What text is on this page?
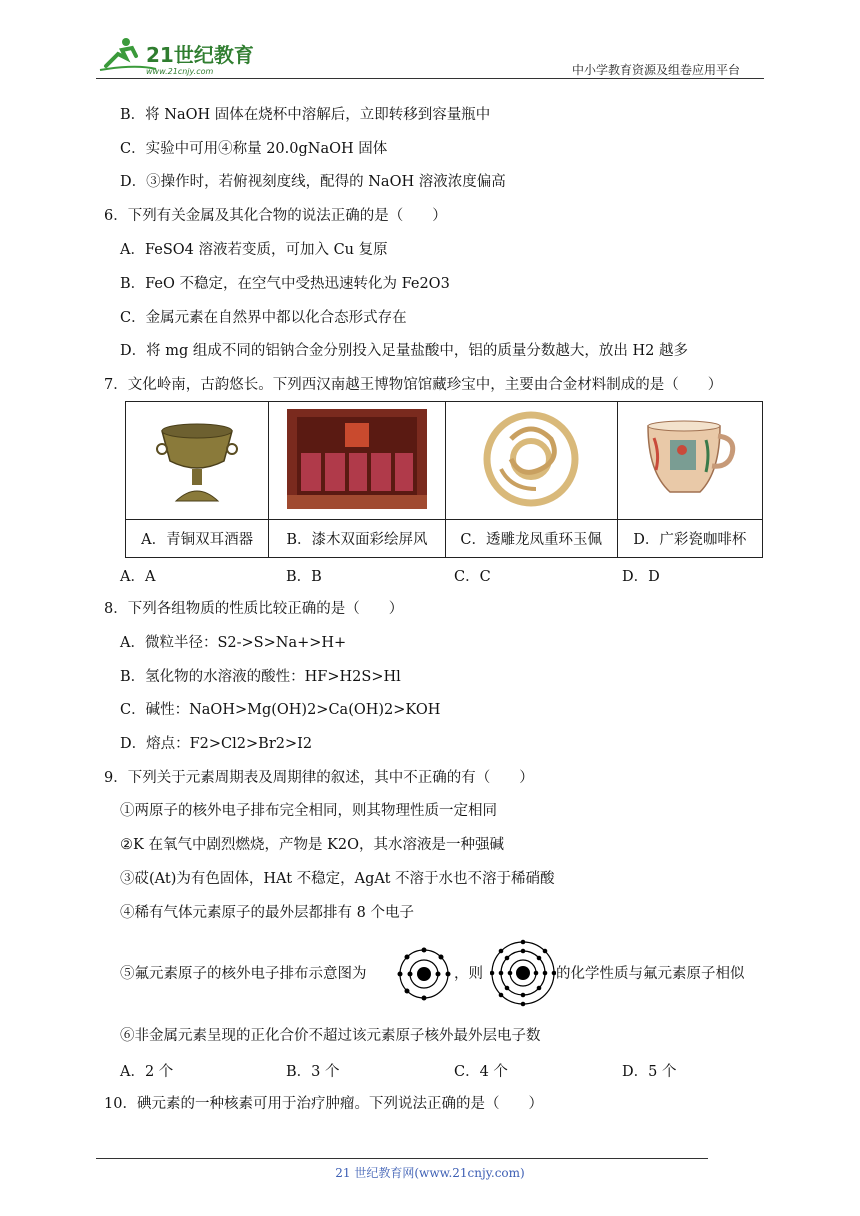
21世纪教育
www.21cnjy.com	中小学教育资源及组卷应用平台
B．将 NaOH 固体在烧杯中溶解后，立即转移到容量瓶中
C．实验中可用④称量 20.0gNaOH 固体
D．③操作时，若俯视刻度线，配得的 NaOH 溶液浓度偏高
6．下列有关金属及其化合物的说法正确的是（　　）
A．FeSO4 溶液若变质，可加入 Cu 复原
B．FeO 不稳定，在空气中受热迅速转化为 Fe2O3
C．金属元素在自然界中都以化合态形式存在
D．将 mg 组成不同的铝钠合金分别投入足量盐酸中，铝的质量分数越大，放出 H2 越多
7．文化岭南，古韵悠长。下列西汉南越王博物馆馆藏珍宝中，主要由合金材料制成的是（　　）

A．青铜双耳酒器	B．漆木双面彩绘屏风	C．透雕龙凤重环玉佩	D．广彩瓷咖啡杯
A．A	B．B	C．C	D．D
8．下列各组物质的性质比较正确的是（　　）
A．微粒半径：S2->S>Na+>H+
B．氢化物的水溶液的酸性：HF>H2S>Hl
C．碱性：NaOH>Mg(OH)2>Ca(OH)2>KOH
D．熔点：F2>Cl2>Br2>I2
9．下列关于元素周期表及周期律的叙述，其中不正确的有（　　）
①两原子的核外电子排布完全相同，则其物理性质一定相同
②K 在氧气中剧烈燃烧，产物是 K2O，其水溶液是一种强碱
③砹(At)为有色固体，HAt 不稳定，AgAt 不溶于水也不溶于稀硝酸
④稀有气体元素原子的最外层都排有 8 个电子
⑤氟元素原子的核外电子排布示意图为	，则	的化学性质与氟元素原子相似
⑥非金属元素呈现的正化合价不超过该元素原子核外最外层电子数
A．2 个	B．3 个	C．4 个	D．5 个
10．碘元素的一种核素可用于治疗肿瘤。下列说法正确的是（　　）
21 世纪教育网(www.21cnjy.com)
